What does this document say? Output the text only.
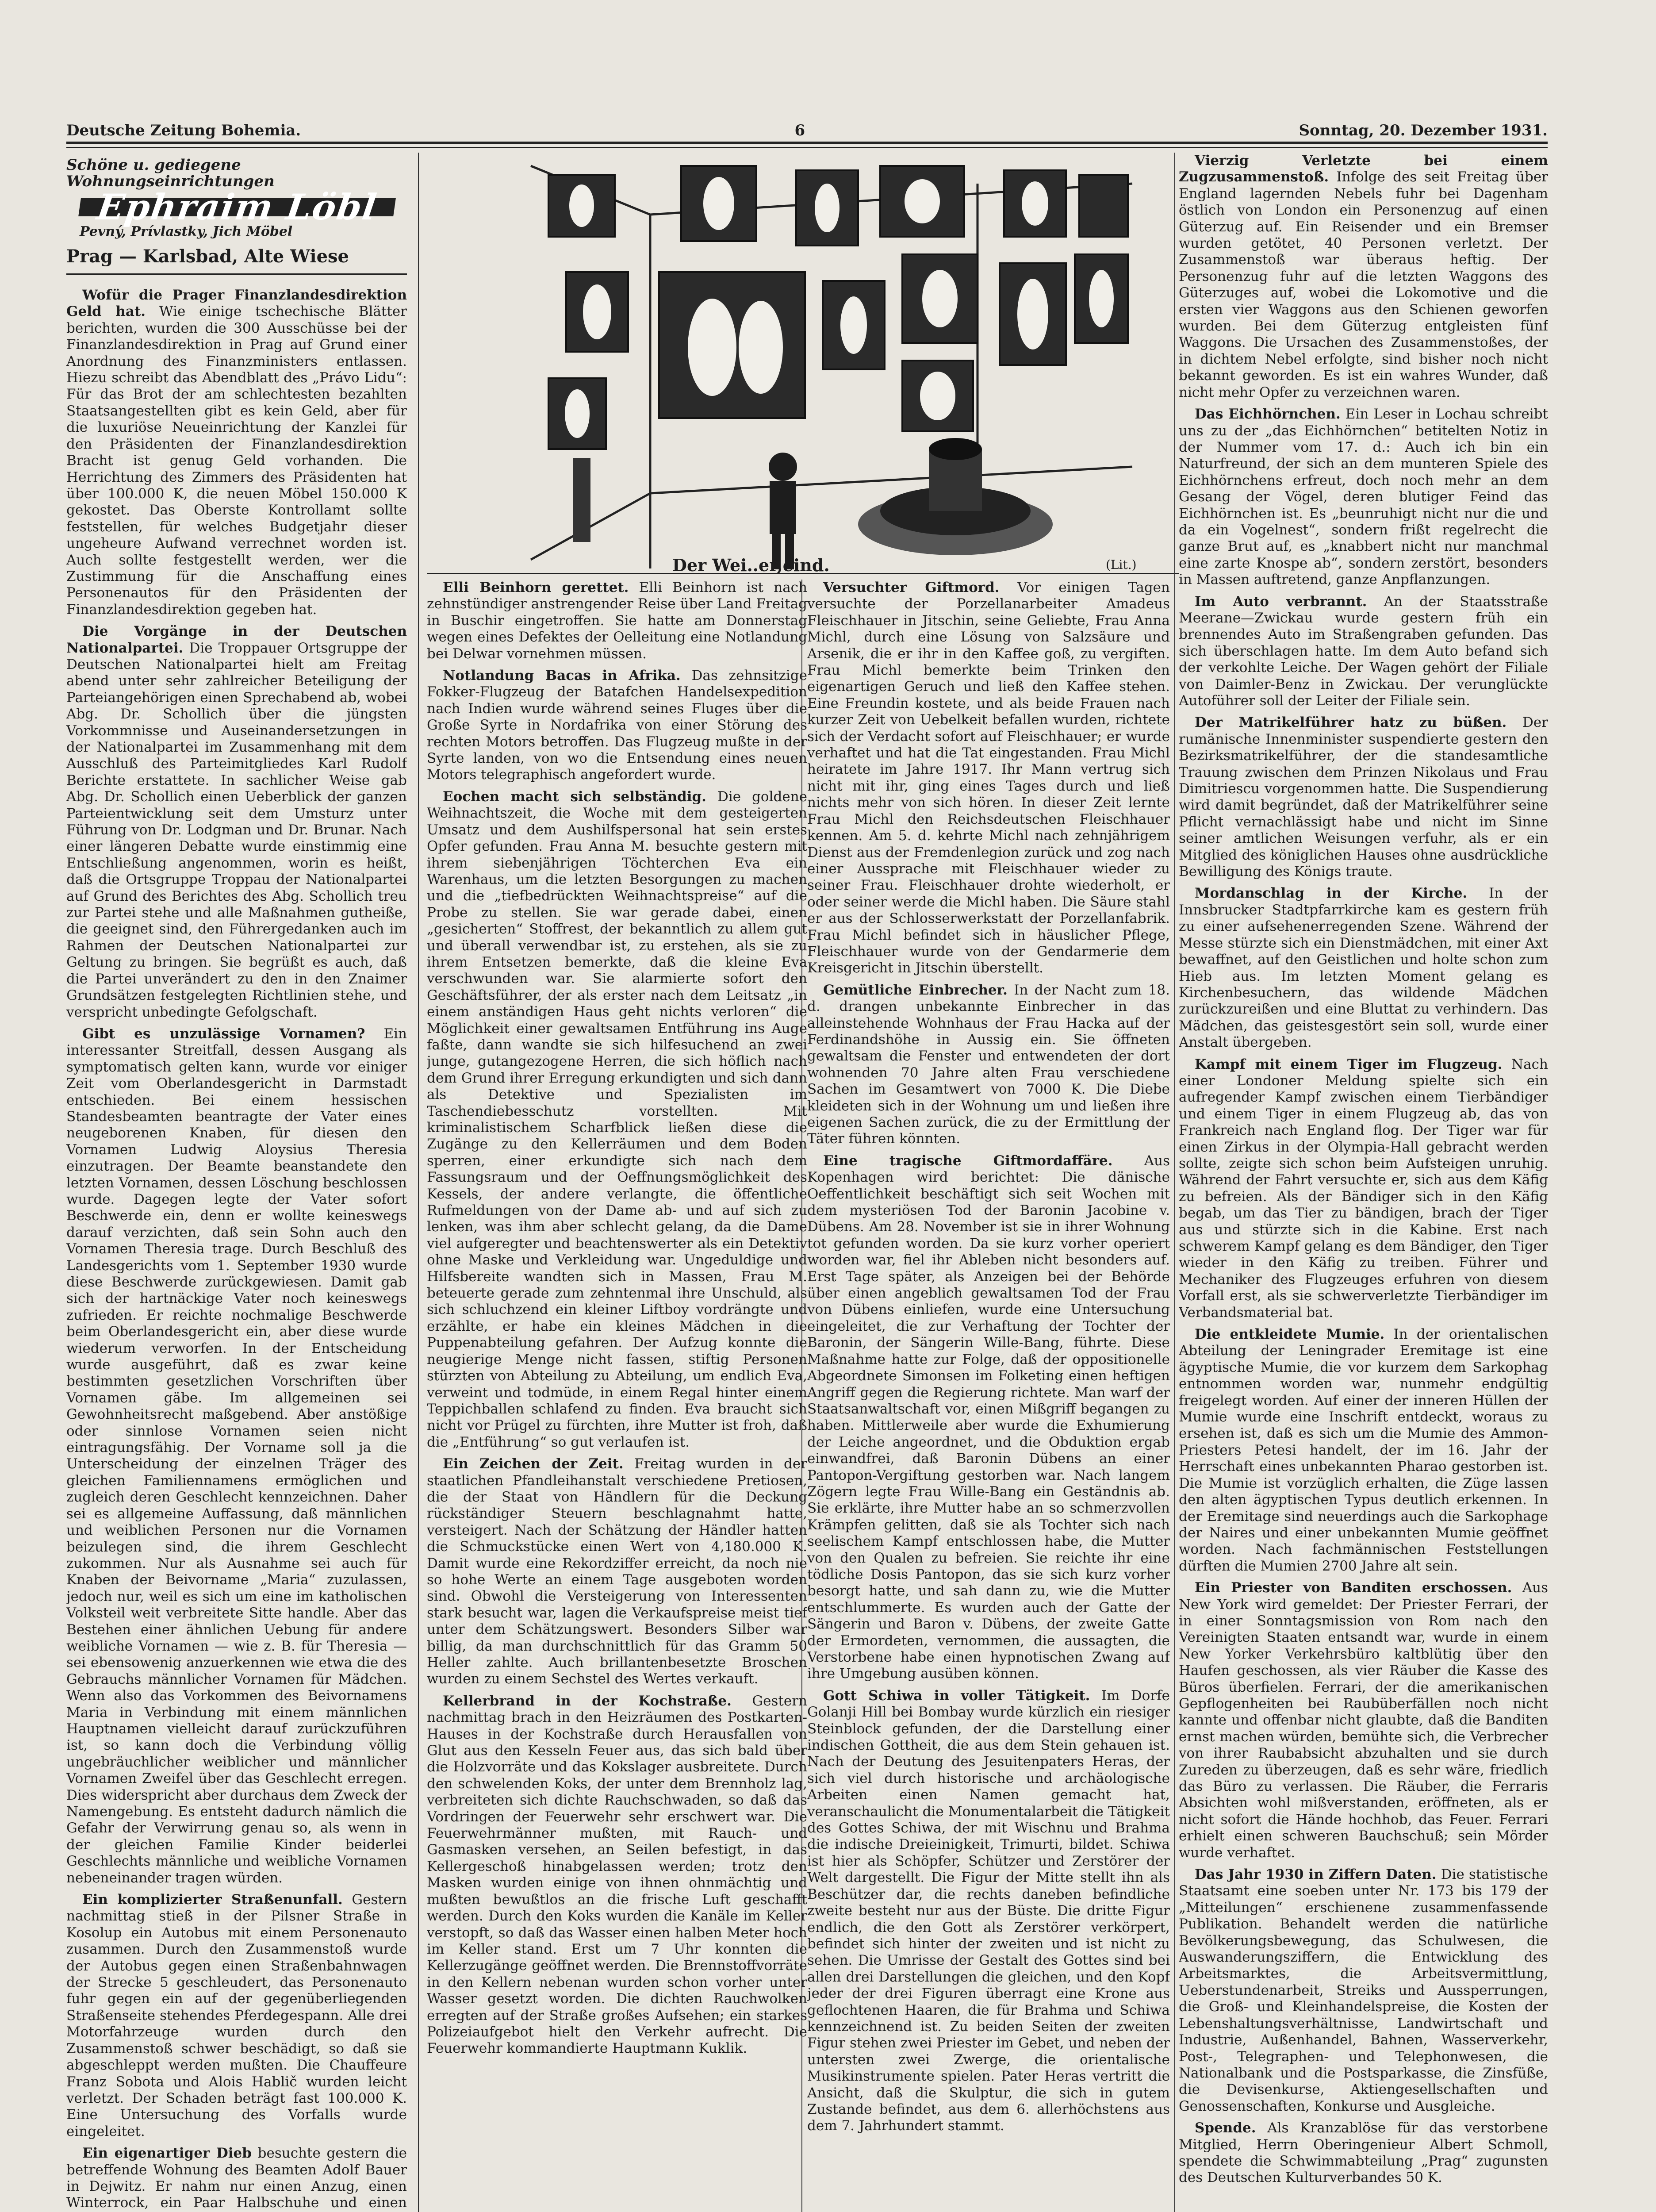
Deutsche Zeitung Bohemia.	6	Sonntag, 20. Dezember 1931.
Schöne u. gediegene Wohnungseinrichtungen
Ephraim Löbl
Pevný, Prívlastky, Jich Möbel
Prag — Karlsbad, Alte Wiese

Wofür die Prager Finanzlandesdirektion Geld hat. Wie einige tschechische Blätter berichten, wurden die 300 Ausschüsse bei der Finanzlandesdirektion in Prag auf Grund einer Anordnung des Finanzministers entlassen. Hiezu schreibt das Abendblatt des „Právo Lidu“: Für das Brot der am schlechtesten bezahlten Staatsangestellten gibt es kein Geld, aber für die luxuriöse Neueinrichtung der Kanzlei für den Präsidenten der Finanzlandesdirektion Bracht ist genug Geld vorhanden. Die Herrichtung des Zimmers des Präsidenten hat über 100.000 K, die neuen Möbel 150.000 K gekostet. Das Oberste Kontrollamt sollte feststellen, für welches Budgetjahr dieser ungeheure Aufwand verrechnet worden ist. Auch sollte festgestellt werden, wer die Zustimmung für die Anschaffung eines Personenautos für den Präsidenten der Finanzlandesdirektion gegeben hat.

Die Vorgänge in der Deutschen Nationalpartei. Die Troppauer Ortsgruppe der Deutschen Nationalpartei hielt am Freitag abend unter sehr zahlreicher Beteiligung der Parteiangehörigen einen Sprechabend ab, wobei Abg. Dr. Schollich über die jüngsten Vorkommnisse und Auseinandersetzungen in der Nationalpartei im Zusammenhang mit dem Ausschluß des Parteimitgliedes Karl Rudolf Berichte erstattete. In sachlicher Weise gab Abg. Dr. Schollich einen Ueberblick der ganzen Parteientwicklung seit dem Umsturz unter Führung von Dr. Lodgman und Dr. Brunar. Nach einer längeren Debatte wurde einstimmig eine Entschließung angenommen, worin es heißt, daß die Ortsgruppe Troppau der Nationalpartei auf Grund des Berichtes des Abg. Schollich treu zur Partei stehe und alle Maßnahmen gutheiße, die geeignet sind, den Führergedanken auch im Rahmen der Deutschen Nationalpartei zur Geltung zu bringen. Sie begrüßt es auch, daß die Partei unverändert zu den in den Znaimer Grundsätzen festgelegten Richtlinien stehe, und verspricht unbedingte Gefolgschaft.

Gibt es unzulässige Vornamen? Ein interessanter Streitfall, dessen Ausgang als symptomatisch gelten kann, wurde vor einiger Zeit vom Oberlandesgericht in Darmstadt entschieden. Bei einem hessischen Standesbeamten beantragte der Vater eines neugeborenen Knaben, für diesen den Vornamen Ludwig Aloysius Theresia einzutragen. Der Beamte beanstandete den letzten Vornamen, dessen Löschung beschlossen wurde. Dagegen legte der Vater sofort Beschwerde ein, denn er wollte keineswegs darauf verzichten, daß sein Sohn auch den Vornamen Theresia trage. Durch Beschluß des Landesgerichts vom 1. September 1930 wurde diese Beschwerde zurückgewiesen. Damit gab sich der hartnäckige Vater noch keineswegs zufrieden. Er reichte nochmalige Beschwerde beim Oberlandesgericht ein, aber diese wurde wiederum verworfen. In der Entscheidung wurde ausgeführt, daß es zwar keine bestimmten gesetzlichen Vorschriften über Vornamen gäbe. Im allgemeinen sei Gewohnheitsrecht maßgebend. Aber anstößige oder sinnlose Vornamen seien nicht eintragungsfähig. Der Vorname soll ja die Unterscheidung der einzelnen Träger des gleichen Familiennamens ermöglichen und zugleich deren Geschlecht kennzeichnen. Daher sei es allgemeine Auffassung, daß männlichen und weiblichen Personen nur die Vornamen beizulegen sind, die ihrem Geschlecht zukommen. Nur als Ausnahme sei auch für Knaben der Beivorname „Maria“ zuzulassen, jedoch nur, weil es sich um eine im katholischen Volksteil weit verbreitete Sitte handle. Aber das Bestehen einer ähnlichen Uebung für andere weibliche Vornamen — wie z. B. für Theresia — sei ebensowenig anzuerkennen wie etwa die des Gebrauchs männlicher Vornamen für Mädchen. Wenn also das Vorkommen des Beivornamens Maria in Verbindung mit einem männlichen Hauptnamen vielleicht darauf zurückzuführen ist, so kann doch die Verbindung völlig ungebräuchlicher weiblicher und männlicher Vornamen Zweifel über das Geschlecht erregen. Dies widerspricht aber durchaus dem Zweck der Namengebung. Es entsteht dadurch nämlich die Gefahr der Verwirrung genau so, als wenn in der gleichen Familie Kinder beiderlei Geschlechts männliche und weibliche Vornamen nebeneinander tragen würden.

Ein komplizierter Straßenunfall. Gestern nachmittag stieß in der Pilsner Straße in Kosolup ein Autobus mit einem Personenauto zusammen. Durch den Zusammenstoß wurde der Autobus gegen einen Straßenbahnwagen der Strecke 5 geschleudert, das Personenauto fuhr gegen ein auf der gegenüberliegenden Straßenseite stehendes Pferdegespann. Alle drei Motorfahrzeuge wurden durch den Zusammenstoß schwer beschädigt, so daß sie abgeschleppt werden mußten. Die Chauffeure Franz Sobota und Alois Hablič wurden leicht verletzt. Der Schaden beträgt fast 100.000 K. Eine Untersuchung des Vorfalls wurde eingeleitet.

Ein eigenartiger Dieb besuchte gestern die betreffende Wohnung des Beamten Adolf Bauer in Dejwitz. Er nahm nur einen Anzug, einen Winterrock, ein Paar Halbschuhe und einen

Der Wei..er,eind.	(Lit.)

Elli Beinhorn gerettet. Elli Beinhorn ist nach zehnstündiger anstrengender Reise über Land Freitag in Buschir eingetroffen. Sie hatte am Donnerstag wegen eines Defektes der Oelleitung eine Notlandung bei Delwar vornehmen müssen.

Notlandung Bacas in Afrika. Das zehnsitzige Fokker-Flugzeug der Batafchen Handelsexpedition nach Indien wurde während seines Fluges über die Große Syrte in Nordafrika von einer Störung des rechten Motors betroffen. Das Flugzeug mußte in der Syrte landen, von wo die Entsendung eines neuen Motors telegraphisch angefordert wurde.

Eochen macht sich selbständig. Die goldene Weihnachtszeit, die Woche mit dem gesteigerten Umsatz und dem Aushilfspersonal hat sein erstes Opfer gefunden. Frau Anna M. besuchte gestern mit ihrem siebenjährigen Töchterchen Eva ein Warenhaus, um die letzten Besorgungen zu machen und die „tiefbedrückten Weihnachtspreise“ auf die Probe zu stellen. Sie war gerade dabei, einen „gesicherten“ Stoffrest, der bekanntlich zu allem gut und überall verwendbar ist, zu erstehen, als sie zu ihrem Entsetzen bemerkte, daß die kleine Eva verschwunden war. Sie alarmierte sofort den Geschäftsführer, der als erster nach dem Leitsatz „in einem anständigen Haus geht nichts verloren“ die Möglichkeit einer gewaltsamen Entführung ins Auge faßte, dann wandte sie sich hilfesuchend an zwei junge, gutangezogene Herren, die sich höflich nach dem Grund ihrer Erregung erkundigten und sich dann als Detektive und Spezialisten im Taschendiebesschutz vorstellten. Mit kriminalistischem Scharfblick ließen diese die Zugänge zu den Kellerräumen und dem Boden sperren, einer erkundigte sich nach dem Fassungsraum und der Oeffnungsmöglichkeit des Kessels, der andere verlangte, die öffentliche Rufmeldungen von der Dame ab- und auf sich zu lenken, was ihm aber schlecht gelang, da die Dame viel aufgeregter und beachtenswerter als ein Detektiv ohne Maske und Verkleidung war. Ungeduldige und Hilfsbereite wandten sich in Massen, Frau M. beteuerte gerade zum zehntenmal ihre Unschuld, als sich schluchzend ein kleiner Liftboy vordrängte und erzählte, er habe ein kleines Mädchen in die Puppenabteilung gefahren. Der Aufzug konnte die neugierige Menge nicht fassen, stiftig Personen stürzten von Abteilung zu Abteilung, um endlich Eva, verweint und todmüde, in einem Regal hinter einem Teppichballen schlafend zu finden. Eva braucht sich nicht vor Prügel zu fürchten, ihre Mutter ist froh, daß die „Entführung“ so gut verlaufen ist.

Ein Zeichen der Zeit. Freitag wurden in der staatlichen Pfandleihanstalt verschiedene Pretiosen, die der Staat von Händlern für die Deckung rückständiger Steuern beschlagnahmt hatte, versteigert. Nach der Schätzung der Händler hatten die Schmuckstücke einen Wert von 4,180.000 K. Damit wurde eine Rekordziffer erreicht, da noch nie so hohe Werte an einem Tage ausgeboten worden sind. Obwohl die Versteigerung von Interessenten stark besucht war, lagen die Verkaufspreise meist tief unter dem Schätzungswert. Besonders Silber war billig, da man durchschnittlich für das Gramm 50 Heller zahlte. Auch brillantenbesetzte Broschen wurden zu einem Sechstel des Wertes verkauft.

Kellerbrand in der Kochstraße. Gestern nachmittag brach in den Heizräumen des Postkarten-Hauses in der Kochstraße durch Herausfallen von Glut aus den Kesseln Feuer aus, das sich bald über die Holzvorräte und das Kokslager ausbreitete. Durch den schwelenden Koks, der unter dem Brennholz lag, verbreiteten sich dichte Rauchschwaden, so daß das Vordringen der Feuerwehr sehr erschwert war. Die Feuerwehrmänner mußten, mit Rauch- und Gasmasken versehen, an Seilen befestigt, in das Kellergeschoß hinabgelassen werden; trotz den Masken wurden einige von ihnen ohnmächtig und mußten bewußtlos an die frische Luft geschafft werden. Durch den Koks wurden die Kanäle im Keller verstopft, so daß das Wasser einen halben Meter hoch im Keller stand. Erst um 7 Uhr konnten die Kellerzugänge geöffnet werden. Die Brennstoffvorräte in den Kellern nebenan wurden schon vorher unter Wasser gesetzt worden. Die dichten Rauchwolken erregten auf der Straße großes Aufsehen; ein starkes Polizeiaufgebot hielt den Verkehr aufrecht. Die Feuerwehr kommandierte Hauptmann Kuklik.

Versuchter Giftmord. Vor einigen Tagen versuchte der Porzellanarbeiter Amadeus Fleischhauer in Jitschin, seine Geliebte, Frau Anna Michl, durch eine Lösung von Salzsäure und Arsenik, die er ihr in den Kaffee goß, zu vergiften. Frau Michl bemerkte beim Trinken den eigenartigen Geruch und ließ den Kaffee stehen. Eine Freundin kostete, und als beide Frauen nach kurzer Zeit von Uebelkeit befallen wurden, richtete sich der Verdacht sofort auf Fleischhauer; er wurde verhaftet und hat die Tat eingestanden. Frau Michl heiratete im Jahre 1917. Ihr Mann vertrug sich nicht mit ihr, ging eines Tages durch und ließ nichts mehr von sich hören. In dieser Zeit lernte Frau Michl den Reichsdeutschen Fleischhauer kennen. Am 5. d. kehrte Michl nach zehnjährigem Dienst aus der Fremdenlegion zurück und zog nach einer Aussprache mit Fleischhauer wieder zu seiner Frau. Fleischhauer drohte wiederholt, er oder seiner werde die Michl haben. Die Säure stahl er aus der Schlosserwerkstatt der Porzellanfabrik. Frau Michl befindet sich in häuslicher Pflege, Fleischhauer wurde von der Gendarmerie dem Kreisgericht in Jitschin überstellt.

Gemütliche Einbrecher. In der Nacht zum 18. d. drangen unbekannte Einbrecher in das alleinstehende Wohnhaus der Frau Hacka auf der Ferdinandshöhe in Aussig ein. Sie öffneten gewaltsam die Fenster und entwendeten der dort wohnenden 70 Jahre alten Frau verschiedene Sachen im Gesamtwert von 7000 K. Die Diebe kleideten sich in der Wohnung um und ließen ihre eigenen Sachen zurück, die zu der Ermittlung der Täter führen könnten.

Eine tragische Giftmordaffäre. Aus Kopenhagen wird berichtet: Die dänische Oeffentlichkeit beschäftigt sich seit Wochen mit dem mysteriösen Tod der Baronin Jacobine v. Dübens. Am 28. November ist sie in ihrer Wohnung tot gefunden worden. Da sie kurz vorher operiert worden war, fiel ihr Ableben nicht besonders auf. Erst Tage später, als Anzeigen bei der Behörde über einen angeblich gewaltsamen Tod der Frau von Dübens einliefen, wurde eine Untersuchung eingeleitet, die zur Verhaftung der Tochter der Baronin, der Sängerin Wille-Bang, führte. Diese Maßnahme hatte zur Folge, daß der oppositionelle Abgeordnete Simonsen im Folketing einen heftigen Angriff gegen die Regierung richtete. Man warf der Staatsanwaltschaft vor, einen Mißgriff begangen zu haben. Mittlerweile aber wurde die Exhumierung der Leiche angeordnet, und die Obduktion ergab einwandfrei, daß Baronin Dübens an einer Pantopon-Vergiftung gestorben war. Nach langem Zögern legte Frau Wille-Bang ein Geständnis ab. Sie erklärte, ihre Mutter habe an so schmerzvollen Krämpfen gelitten, daß sie als Tochter sich nach seelischem Kampf entschlossen habe, die Mutter von den Qualen zu befreien. Sie reichte ihr eine tödliche Dosis Pantopon, das sie sich kurz vorher besorgt hatte, und sah dann zu, wie die Mutter entschlummerte. Es wurden auch der Gatte der Sängerin und Baron v. Dübens, der zweite Gatte der Ermordeten, vernommen, die aussagten, die Verstorbene habe einen hypnotischen Zwang auf ihre Umgebung ausüben können.

Gott Schiwa in voller Tätigkeit. Im Dorfe Golanji Hill bei Bombay wurde kürzlich ein riesiger Steinblock gefunden, der die Darstellung einer indischen Gottheit, die aus dem Stein gehauen ist. Nach der Deutung des Jesuitenpaters Heras, der sich viel durch historische und archäologische Arbeiten einen Namen gemacht hat, veranschaulicht die Monumentalarbeit die Tätigkeit des Gottes Schiwa, der mit Wischnu und Brahma die indische Dreieinigkeit, Trimurti, bildet. Schiwa ist hier als Schöpfer, Schützer und Zerstörer der Welt dargestellt. Die Figur der Mitte stellt ihn als Beschützer dar, die rechts daneben befindliche zweite besteht nur aus der Büste. Die dritte Figur endlich, die den Gott als Zerstörer verkörpert, befindet sich hinter der zweiten und ist nicht zu sehen. Die Umrisse der Gestalt des Gottes sind bei allen drei Darstellungen die gleichen, und den Kopf jeder der drei Figuren überragt eine Krone aus geflochtenen Haaren, die für Brahma und Schiwa kennzeichnend ist. Zu beiden Seiten der zweiten Figur stehen zwei Priester im Gebet, und neben der untersten zwei Zwerge, die orientalische Musikinstrumente spielen. Pater Heras vertritt die Ansicht, daß die Skulptur, die sich in gutem Zustande befindet, aus dem 6. allerhöchstens aus dem 7. Jahrhundert stammt.

Vierzig Verletzte bei einem Zugzusammenstoß. Infolge des seit Freitag über England lagernden Nebels fuhr bei Dagenham östlich von London ein Personenzug auf einen Güterzug auf. Ein Reisender und ein Bremser wurden getötet, 40 Personen verletzt. Der Zusammenstoß war überaus heftig. Der Personenzug fuhr auf die letzten Waggons des Güterzuges auf, wobei die Lokomotive und die ersten vier Waggons aus den Schienen geworfen wurden. Bei dem Güterzug entgleisten fünf Waggons. Die Ursachen des Zusammenstoßes, der in dichtem Nebel erfolgte, sind bisher noch nicht bekannt geworden. Es ist ein wahres Wunder, daß nicht mehr Opfer zu verzeichnen waren.

Das Eichhörnchen. Ein Leser in Lochau schreibt uns zu der „das Eichhörnchen“ betitelten Notiz in der Nummer vom 17. d.: Auch ich bin ein Naturfreund, der sich an dem munteren Spiele des Eichhörnchens erfreut, doch noch mehr an dem Gesang der Vögel, deren blutiger Feind das Eichhörnchen ist. Es „beunruhigt nicht nur die und da ein Vogelnest“, sondern frißt regelrecht die ganze Brut auf, es „knabbert nicht nur manchmal eine zarte Knospe ab“, sondern zerstört, besonders in Massen auftretend, ganze Anpflanzungen.

Im Auto verbrannt. An der Staatsstraße Meerane—Zwickau wurde gestern früh ein brennendes Auto im Straßengraben gefunden. Das sich überschlagen hatte. Im dem Auto befand sich der verkohlte Leiche. Der Wagen gehört der Filiale von Daimler-Benz in Zwickau. Der verunglückte Autoführer soll der Leiter der Filiale sein.

Der Matrikelführer hatz zu büßen. Der rumänische Innenminister suspendierte gestern den Bezirksmatrikelführer, der die standesamtliche Trauung zwischen dem Prinzen Nikolaus und Frau Dimitriescu vorgenommen hatte. Die Suspendierung wird damit begründet, daß der Matrikelführer seine Pflicht vernachlässigt habe und nicht im Sinne seiner amtlichen Weisungen verfuhr, als er ein Mitglied des königlichen Hauses ohne ausdrückliche Bewilligung des Königs traute.

Mordanschlag in der Kirche. In der Innsbrucker Stadtpfarrkirche kam es gestern früh zu einer aufsehenerregenden Szene. Während der Messe stürzte sich ein Dienstmädchen, mit einer Axt bewaffnet, auf den Geistlichen und holte schon zum Hieb aus. Im letzten Moment gelang es Kirchenbesuchern, das wildende Mädchen zurückzureißen und eine Bluttat zu verhindern. Das Mädchen, das geistesgestört sein soll, wurde einer Anstalt übergeben.

Kampf mit einem Tiger im Flugzeug. Nach einer Londoner Meldung spielte sich ein aufregender Kampf zwischen einem Tierbändiger und einem Tiger in einem Flugzeug ab, das von Frankreich nach England flog. Der Tiger war für einen Zirkus in der Olympia-Hall gebracht werden sollte, zeigte sich schon beim Aufsteigen unruhig. Während der Fahrt versuchte er, sich aus dem Käfig zu befreien. Als der Bändiger sich in den Käfig begab, um das Tier zu bändigen, brach der Tiger aus und stürzte sich in die Kabine. Erst nach schwerem Kampf gelang es dem Bändiger, den Tiger wieder in den Käfig zu treiben. Führer und Mechaniker des Flugzeuges erfuhren von diesem Vorfall erst, als sie schwerverletzte Tierbändiger im Verbandsmaterial bat.

Die entkleidete Mumie. In der orientalischen Abteilung der Leningrader Eremitage ist eine ägyptische Mumie, die vor kurzem dem Sarkophag entnommen worden war, nunmehr endgültig freigelegt worden. Auf einer der inneren Hüllen der Mumie wurde eine Inschrift entdeckt, woraus zu ersehen ist, daß es sich um die Mumie des Ammon-Priesters Petesi handelt, der im 16. Jahr der Herrschaft eines unbekannten Pharao gestorben ist. Die Mumie ist vorzüglich erhalten, die Züge lassen den alten ägyptischen Typus deutlich erkennen. In der Eremitage sind neuerdings auch die Sarkophage der Naires und einer unbekannten Mumie geöffnet worden. Nach fachmännischen Feststellungen dürften die Mumien 2700 Jahre alt sein.

Ein Priester von Banditen erschossen. Aus New York wird gemeldet: Der Priester Ferrari, der in einer Sonntagsmission von Rom nach den Vereinigten Staaten entsandt war, wurde in einem New Yorker Verkehrsbüro kaltblütig über den Haufen geschossen, als vier Räuber die Kasse des Büros überfielen. Ferrari, der die amerikanischen Gepflogenheiten bei Raubüberfällen noch nicht kannte und offenbar nicht glaubte, daß die Banditen ernst machen würden, bemühte sich, die Verbrecher von ihrer Raubabsicht abzuhalten und sie durch Zureden zu überzeugen, daß es sehr wäre, friedlich das Büro zu verlassen. Die Räuber, die Ferraris Absichten wohl mißverstanden, eröffneten, als er nicht sofort die Hände hochhob, das Feuer. Ferrari erhielt einen schweren Bauchschuß; sein Mörder wurde verhaftet.

Das Jahr 1930 in Ziffern Daten. Die statistische Staatsamt eine soeben unter Nr. 173 bis 179 der „Mitteilungen“ erschienene zusammenfassende Publikation. Behandelt werden die natürliche Bevölkerungsbewegung, das Schulwesen, die Auswanderungsziffern, die Entwicklung des Arbeitsmarktes, die Arbeitsvermittlung, Ueberstundenarbeit, Streiks und Aussperrungen, die Groß- und Kleinhandelspreise, die Kosten der Lebenshaltungsverhältnisse, Landwirtschaft und Industrie, Außenhandel, Bahnen, Wasserverkehr, Post-, Telegraphen- und Telephonwesen, die Nationalbank und die Postsparkasse, die Zinsfüße, die Devisenkurse, Aktiengesellschaften und Genossenschaften, Konkurse und Ausgleiche.

Spende. Als Kranzablöse für das verstorbene Mitglied, Herrn Oberingenieur Albert Schmoll, spendete die Schwimmabteilung „Prag“ zugunsten des Deutschen Kulturverbandes 50 K.
